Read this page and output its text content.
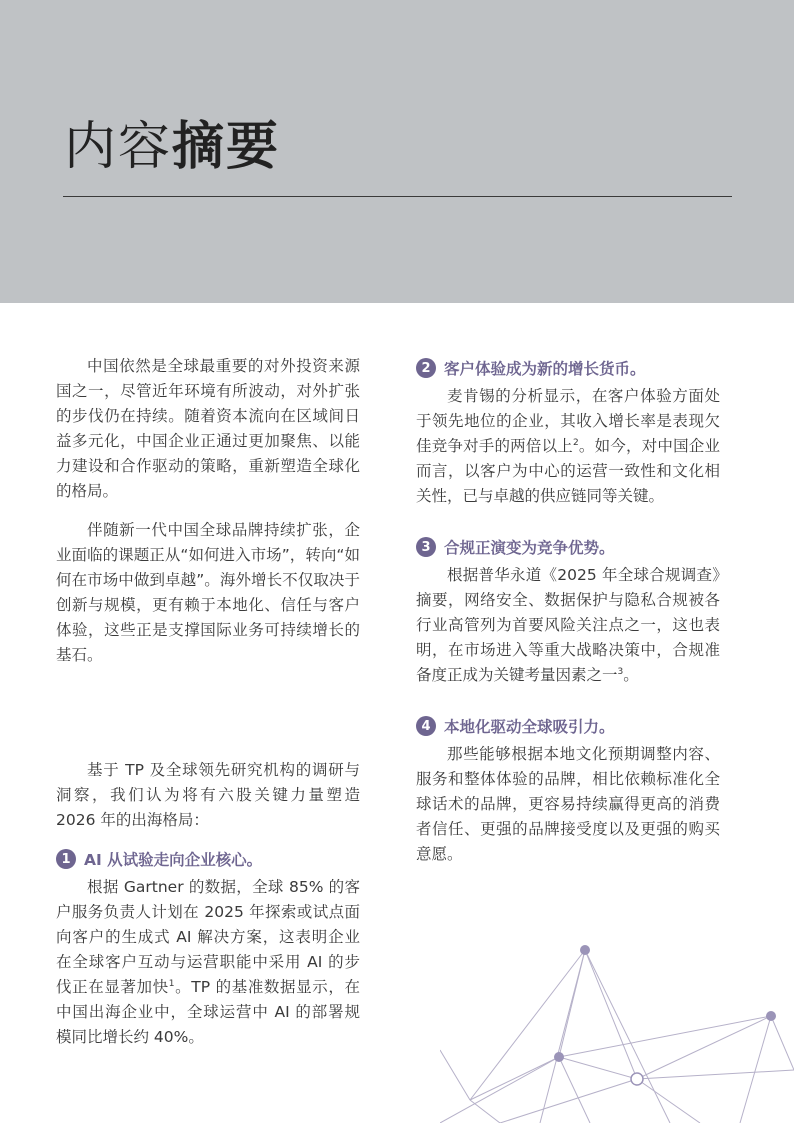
内容摘要

中国依然是全球最重要的对外投资来源国之一，尽管近年环境有所波动，对外扩张的步伐仍在持续。随着资本流向在区域间日益多元化，中国企业正通过更加聚焦、以能力建设和合作驱动的策略，重新塑造全球化的格局。

伴随新一代中国全球品牌持续扩张，企业面临的课题正从“如何进入市场”，转向“如何在市场中做到卓越”。海外增长不仅取决于创新与规模，更有赖于本地化、信任与客户体验，这些正是支撑国际业务可持续增长的基石。

基于 TP 及全球领先研究机构的调研与洞察，我们认为将有六股关键力量塑造 2026 年的出海格局：

1 AI 从试验走向企业核心。

根据 Gartner 的数据，全球 85% 的客户服务负责人计划在 2025 年探索或试点面向客户的生成式 AI 解决方案，这表明企业在全球客户互动与运营职能中采用 AI 的步伐正在显著加快$^1$。TP 的基准数据显示，在中国出海企业中，全球运营中 AI 的部署规模同比增长约 40%。

2 客户体验成为新的增长货币。

麦肯锡的分析显示，在客户体验方面处于领先地位的企业，其收入增长率是表现欠佳竞争对手的两倍以上$^2$。如今，对中国企业而言，以客户为中心的运营一致性和文化相关性，已与卓越的供应链同等关键。

3 合规正演变为竞争优势。

根据普华永道《2025 年全球合规调查》摘要，网络安全、数据保护与隐私合规被各行业高管列为首要风险关注点之一，这也表明，在市场进入等重大战略决策中，合规准备度正成为关键考量因素之一$^3$。

4 本地化驱动全球吸引力。

那些能够根据本地文化预期调整内容、服务和整体体验的品牌，相比依赖标准化全球话术的品牌，更容易持续赢得更高的消费者信任、更强的品牌接受度以及更强的购买意愿。
